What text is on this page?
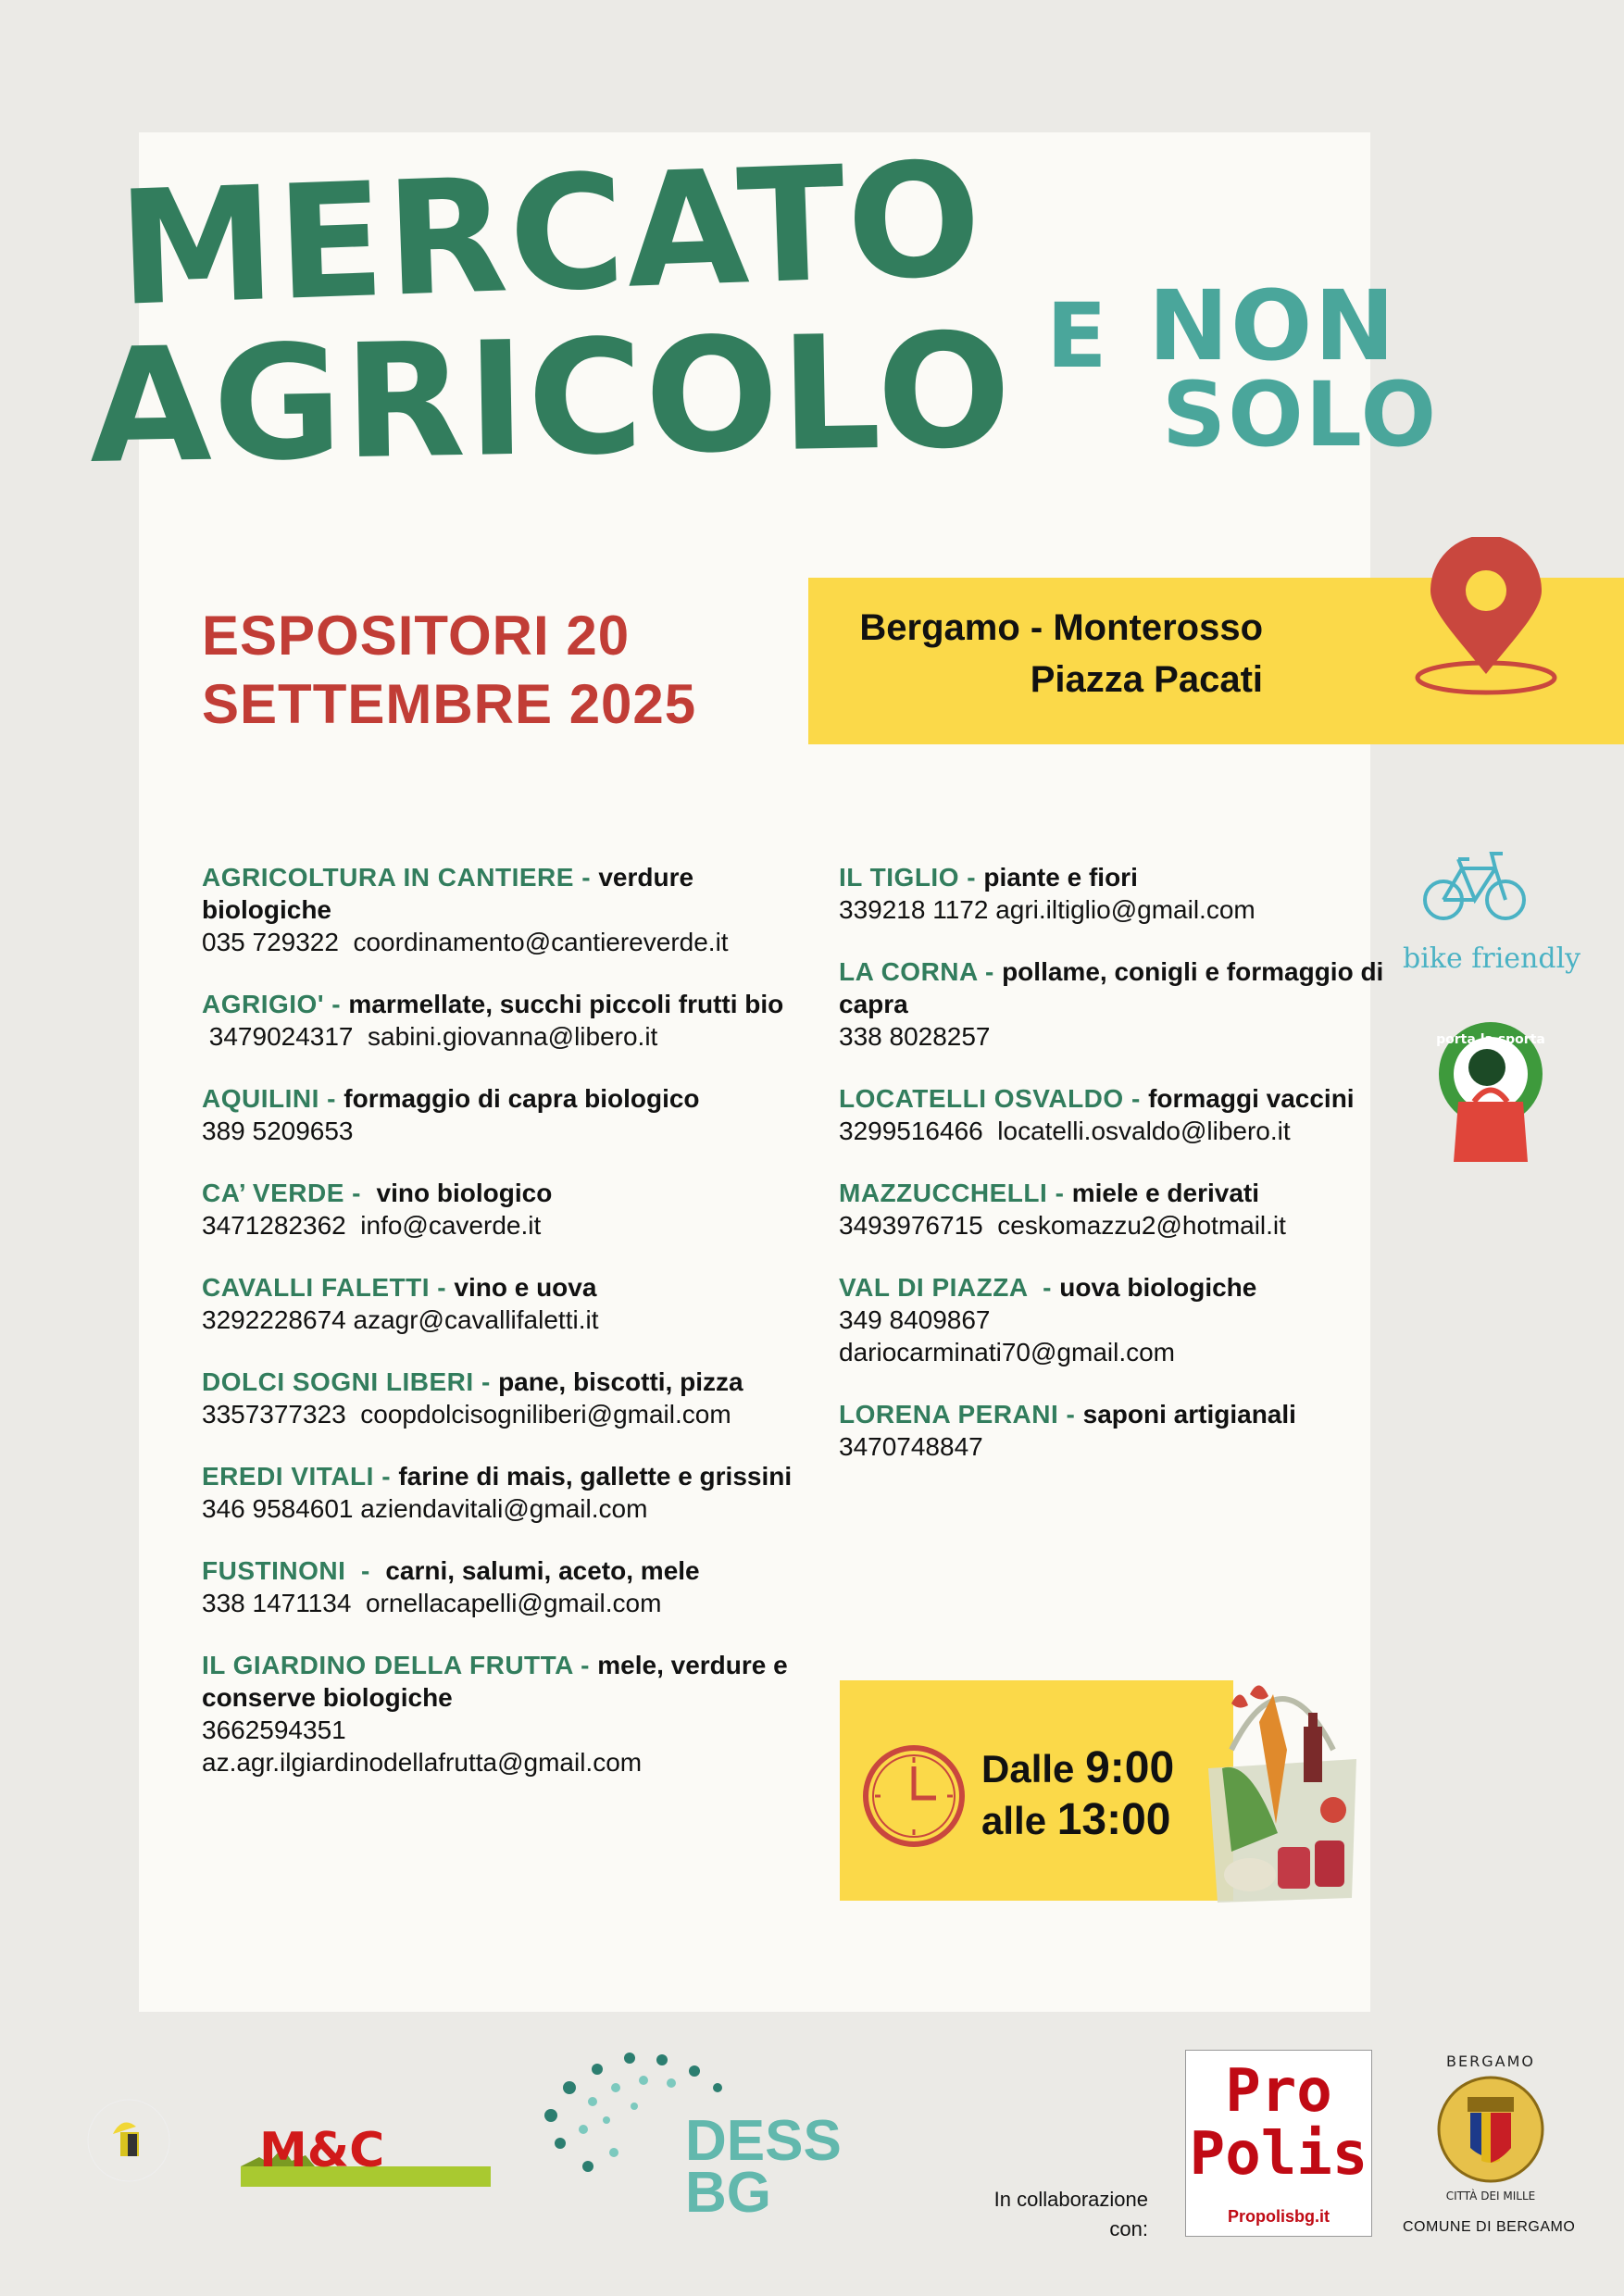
MERCATO
AGRICOLO E NON
SOLO
ESPOSITORI 20
SETTEMBRE 2025
Bergamo - Monterosso
Piazza Pacati
AGRICOLTURA IN CANTIERE - verdure biologiche
035 729322  coordinamento@cantiereverde.it
AGRIGIO' - marmellate, succhi piccoli frutti bio
3479024317  sabini.giovanna@libero.it
AQUILINI - formaggio di capra biologico
389 5209653
CA’ VERDE - vino biologico
3471282362  info@caverde.it
CAVALLI FALETTI - vino e uova
3292228674 azagr@cavallifaletti.it
DOLCI SOGNI LIBERI - pane, biscotti, pizza
3357377323  coopdolcisogniliberi@gmail.com
EREDI VITALI - farine di mais, gallette e grissini
346 9584601 aziendavitali@gmail.com
FUSTINONI  -  carni, salumi, aceto, mele
338 1471134  ornellacapelli@gmail.com
IL GIARDINO DELLA FRUTTA - mele, verdure e conserve biologiche
3662594351
az.agr.ilgiardinodellafrutta@gmail.com
IL TIGLIO - piante e fiori
339218 1172 agri.iltiglio@gmail.com
LA CORNA - pollame, conigli e formaggio di capra
338 8028257
LOCATELLI OSVALDO - formaggi vaccini
3299516466  locatelli.osvaldo@libero.it
MAZZUCCHELLI - miele e derivati
3493976715  ceskomazzu2@hotmail.it
VAL DI PIAZZA  - uova biologiche
349 8409867
dariocarminati70@gmail.com
LORENA PERANI - saponi artigianali
3470748847
bike friendly
porta la sporta
Dalle 9:00
alle 13:00
M&C	DESS
BG	In collaborazione
con:
Pro
Polis
Propolisbg.it
BERGAMO
CITTÀ DEI MILLE
COMUNE DI BERGAMO
